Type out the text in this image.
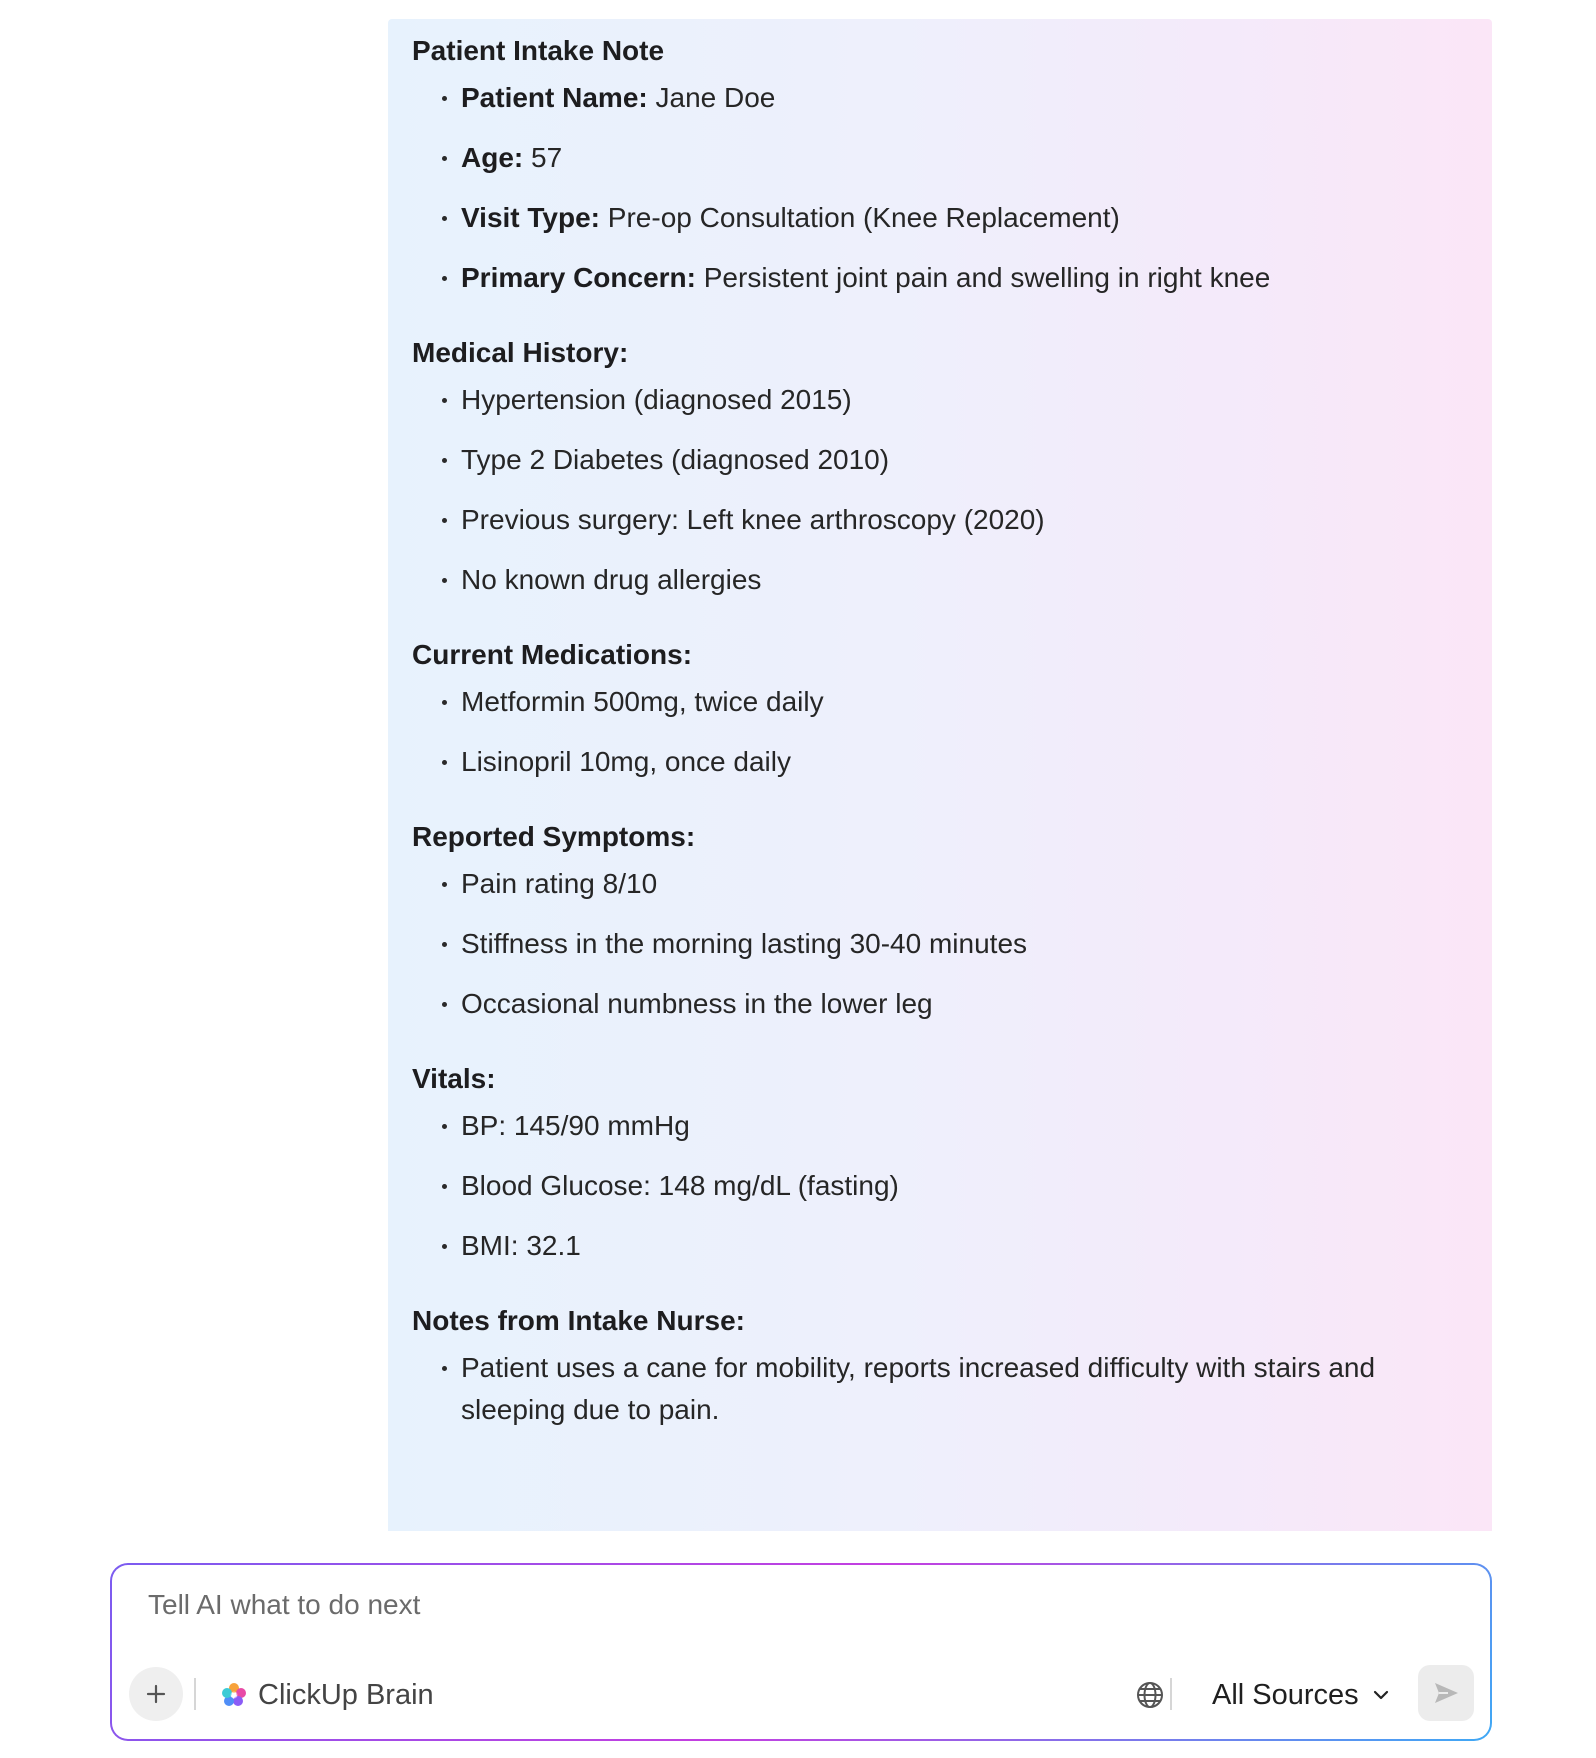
Patient Intake Note
Patient Name: Jane Doe
Age: 57
Visit Type: Pre-op Consultation (Knee Replacement)
Primary Concern: Persistent joint pain and swelling in right knee
Medical History:
Hypertension (diagnosed 2015)
Type 2 Diabetes (diagnosed 2010)
Previous surgery: Left knee arthroscopy (2020)
No known drug allergies
Current Medications:
Metformin 500mg, twice daily
Lisinopril 10mg, once daily
Reported Symptoms:
Pain rating 8/10
Stiffness in the morning lasting 30-40 minutes
Occasional numbness in the lower leg
Vitals:
BP: 145/90 mmHg
Blood Glucose: 148 mg/dL (fasting)
BMI: 32.1
Notes from Intake Nurse:
Patient uses a cane for mobility, reports increased difficulty with stairs and sleeping due to pain.
Tell AI what to do next
ClickUp Brain	All Sources
